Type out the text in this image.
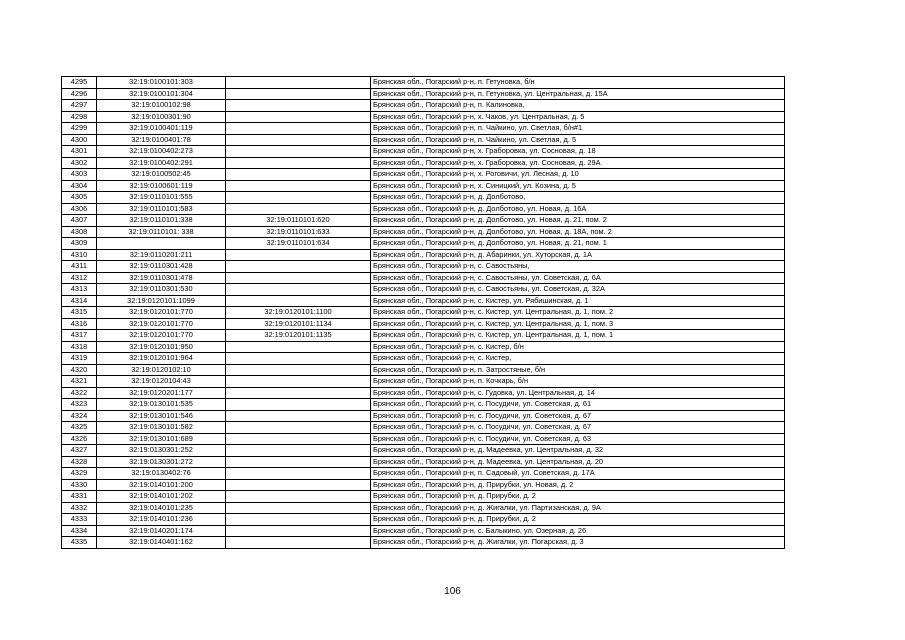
4295	32:19:0100101:303		Брянская обл., Погарский р-н, п. Гетуновка, б/н
4296	32:19:0100101:304		Брянская обл., Погарский р-н, п. Гетуновка, ул. Центральная, д. 15А
4297	32:19:0100102:98		Брянская обл., Погарский р-н, п. Калиновка,
4298	32:19:0100301:90		Брянская обл., Погарский р-н, х. Чаков, ул. Центральная, д. 5
4299	32:19:0100401:119		Брянская обл., Погарский р-н, п. Чайкино, ул. Светлая, б/н#1
4300	32:19:0100401:78		Брянская обл., Погарский р-н, п. Чайкино, ул. Светлая, д. 5
4301	32:19:0100402:273		Брянская обл., Погарский р-н, х. Граборовка, ул. Сосновая, д. 18
4302	32:19:0100402:291		Брянская обл., Погарский р-н, х. Граборовка, ул. Сосновая, д. 29А
4303	32:19:0100502:45		Брянская обл., Погарский р-н, х. Роговичи, ул. Лесная, д. 10
4304	32:19:0100601:119		Брянская обл., Погарский р-н, х. Синицкий, ул. Козина, д. 5
4305	32:19:0110101:555		Брянская обл., Погарский р-н, д. Долботово,
4306	32:19:0110101:583		Брянская обл., Погарский р-н, д. Долботово, ул. Новая, д. 16А
4307	32:19:0110101:338	32:19:0110101:620	Брянская обл., Погарский р-н, д. Долботово, ул. Новая, д. 21, пом. 2
4308	32:19:0110101: 338	32:19:0110101:633	Брянская обл., Погарский р-н, д. Долботово, ул. Новая, д. 18А, пом. 2
4309		32:19:0110101:634	Брянская обл., Погарский р-н, д. Долботово, ул. Новая, д. 21, пом. 1
4310	32:19:0110201:211		Брянская обл., Погарский р-н, д. Абаринки, ул. Хуторская, д. 1А
4311	32:19:0110301:428		Брянская обл., Погарский р-н, с. Савостьяны,
4312	32:19:0110301:478		Брянская обл., Погарский р-н, с. Савостьяны, ул. Советская, д. 6А
4313	32:19:0110301:530		Брянская обл., Погарский р-н, с. Савостьяны, ул. Советская, д. 32А
4314	32:19:0120101:1099		Брянская обл., Погарский р-н, с. Кистер, ул. Рябишинская, д. 1
4315	32:19:0120101:770	32:19:0120101:1100	Брянская обл., Погарский р-н, с. Кистер, ул. Центральная, д. 1, пом. 2
4316	32:19:0120101:770	32:19:0120101:1134	Брянская обл., Погарский р-н, с. Кистер, ул. Центральная, д. 1, пом. 3
4317	32:19:0120101:770	32:19:0120101:1135	Брянская обл., Погарский р-н, с. Кистер, ул. Центральная, д. 1, пом. 1
4318	32:19:0120101:950		Брянская обл., Погарский р-н, с. Кистер, б/н
4319	32:19:0120101:964		Брянская обл., Погарский р-н, с. Кистер,
4320	32:19:0120102:10		Брянская обл., Погарский р-н, п. Затростяные, б/н
4321	32:19:0120104:43		Брянская обл., Погарский р-н, п. Кочкарь, б/н
4322	32:19:0120201:177		Брянская обл., Погарский р-н, с. Гудовка, ул. Центральная, д. 14
4323	32:19:0130101:535		Брянская обл., Погарский р-н, с. Посудичи, ул. Советская, д. 61
4324	32:19:0130101:546		Брянская обл., Погарский р-н, с. Посудичи, ул. Советская, д. 67
4325	32:19:0130101:582		Брянская обл., Погарский р-н, с. Посудичи, ул. Советская, д. 67
4326	32:19:0130101:689		Брянская обл., Погарский р-н, с. Посудичи, ул. Советская, д. 63
4327	32:19:0130301:252		Брянская обл., Погарский р-н, д. Мадеевка, ул. Центральная, д. 32
4328	32:19:0130301:272		Брянская обл., Погарский р-н, д. Мадеевка, ул. Центральная, д. 20
4329	32:19:0130402:76		Брянская обл., Погарский р-н, п. Садовый, ул. Советская, д. 17А
4330	32:19:0140101:200		Брянская обл., Погарский р-н, д. Прирубки, ул. Новая, д. 2
4331	32:19:0140101:202		Брянская обл., Погарский р-н, д. Прирубки, д. 2
4332	32:19:0140101:235		Брянская обл., Погарский р-н, д. Жигалки, ул. Партизанская, д. 9А
4333	32:19:0140101:236		Брянская обл., Погарский р-н, д. Прирубки, д. 2
4334	32:19:0140201:174		Брянская обл., Погарский р-н, с. Балыкино, ул. Озерная, д. 26
4335	32:19:0140401:162		Брянская обл., Погарский р-н, д. Жигалки, ул. Погарская, д. 3
106
